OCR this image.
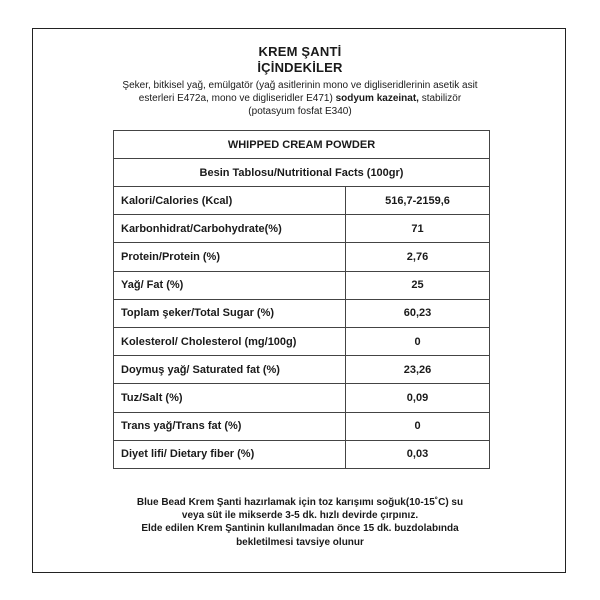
KREM ŞANTİ
İÇİNDEKİLER
Şeker, bitkisel yağ, emülgatör (yağ asitlerinin mono ve digliseridlerinin asetik asit esterleri E472a, mono ve digliseridler E471) sodyum kazeinat, stabilizör (potasyum fosfat E340)
WHIPPED CREAM POWDER	
Besin Tablosu/Nutritional Facts (100gr)	
Kalori/Calories (Kcal)	516,7-2159,6
Karbonhidrat/Carbohydrate(%)	71
Protein/Protein (%)	2,76
Yağ/ Fat (%)	25
Toplam şeker/Total Sugar (%)	60,23
Kolesterol/ Cholesterol (mg/100g)	0
Doymuş yağ/ Saturated fat (%)	23,26
Tuz/Salt (%)	0,09
Trans yağ/Trans fat (%)	0
Diyet lifi/ Dietary fiber (%)	0,03
Blue Bead Krem Şanti hazırlamak için toz karışımı soğuk(10-15˚C) su
veya süt ile mikserde 3-5 dk. hızlı devirde çırpınız.
Elde edilen Krem Şantinin kullanılmadan önce 15 dk. buzdolabında
bekletilmesi tavsiye olunur
